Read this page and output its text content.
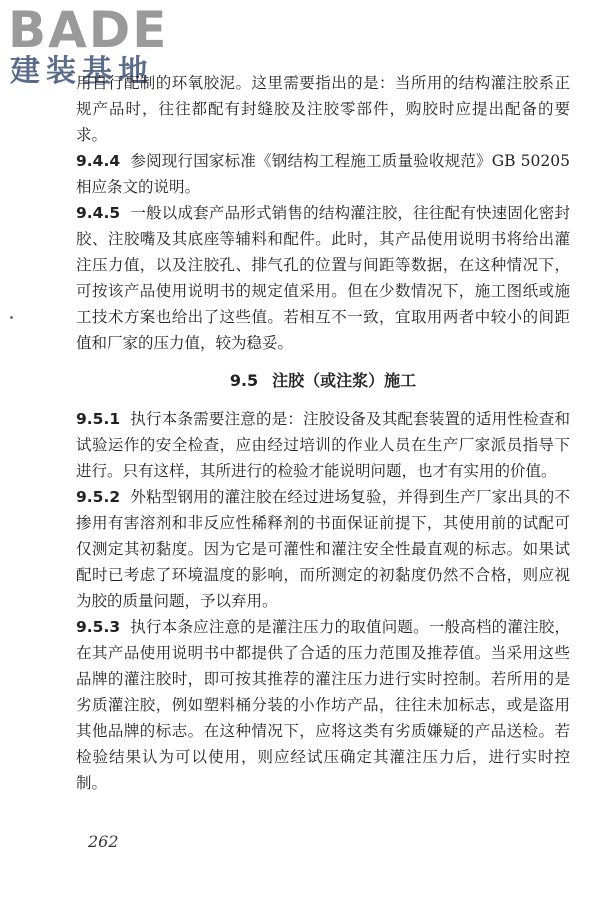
BADE
建装基地

用自行配制的环氧胶泥。这里需要指出的是：当所用的结构灌注胶系正规产品时，往往都配有封缝胶及注胶零部件，购胶时应提出配备的要求。

9.4.4 参阅现行国家标准《钢结构工程施工质量验收规范》GB 50205相应条文的说明。

9.4.5 一般以成套产品形式销售的结构灌注胶，往往配有快速固化密封胶、注胶嘴及其底座等辅料和配件。此时，其产品使用说明书将给出灌注压力值，以及注胶孔、排气孔的位置与间距等数据，在这种情况下，可按该产品使用说明书的规定值采用。但在少数情况下，施工图纸或施工技术方案也给出了这些值。若相互不一致，宜取用两者中较小的间距值和厂家的压力值，较为稳妥。

9.5 注胶（或注浆）施工

9.5.1 执行本条需要注意的是：注胶设备及其配套装置的适用性检查和试验运作的安全检查，应由经过培训的作业人员在生产厂家派员指导下进行。只有这样，其所进行的检验才能说明问题，也才有实用的价值。

9.5.2 外粘型钢用的灌注胶在经过进场复验，并得到生产厂家出具的不掺用有害溶剂和非反应性稀释剂的书面保证前提下，其使用前的试配可仅测定其初黏度。因为它是可灌性和灌注安全性最直观的标志。如果试配时已考虑了环境温度的影响，而所测定的初黏度仍然不合格，则应视为胶的质量问题，予以弃用。

9.5.3 执行本条应注意的是灌注压力的取值问题。一般高档的灌注胶，在其产品使用说明书中都提供了合适的压力范围及推荐值。当采用这些品牌的灌注胶时，即可按其推荐的灌注压力进行实时控制。若所用的是劣质灌注胶，例如塑料桶分装的小作坊产品，往往未加标志，或是盗用其他品牌的标志。在这种情况下，应将这类有劣质嫌疑的产品送检。若检验结果认为可以使用，则应经试压确定其灌注压力后，进行实时控制。

262
